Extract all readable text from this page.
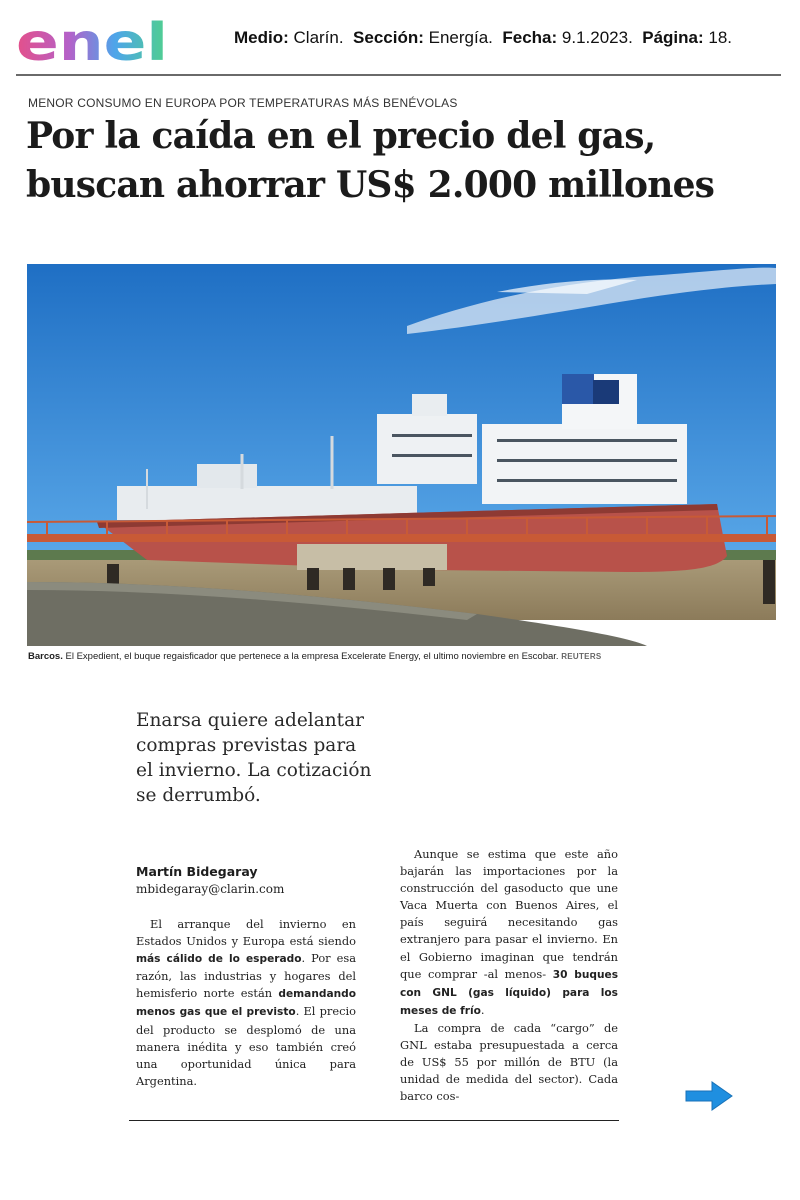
enel	Medio: Clarín. Sección: Energía. Fecha: 9.1.2023. Página: 18.
MENOR CONSUMO EN EUROPA POR TEMPERATURAS MÁS BENÉVOLAS
Por la caída en el precio del gas,
buscan ahorrar US$ 2.000 millones
Barcos. El Expedient, el buque regaisficador que pertenece a la empresa Excelerate Energy, el ultimo noviembre en Escobar. REUTERS
Enarsa quiere adelantar compras previstas para el invierno. La cotización se derrumbó.
Martín Bidegaray
mbidegaray@clarin.com

El arranque del invierno en Estados Unidos y Europa está siendo más cálido de lo esperado. Por esa razón, las industrias y hogares del hemisferio norte están demandando menos gas que el previsto. El precio del producto se desplomó de una manera inédita y eso también creó una oportunidad única para Argentina.

Aunque se estima que este año bajarán las importaciones por la construcción del gasoducto que une Vaca Muerta con Buenos Aires, el país seguirá necesitando gas extranjero para pasar el invierno. En el Gobierno imaginan que tendrán que comprar -al menos- 30 buques con GNL (gas líquido) para los meses de frío.

La compra de cada “cargo” de GNL estaba presupuestada a cerca de US$ 55 por millón de BTU (la unidad de medida del sector). Cada barco cos-
